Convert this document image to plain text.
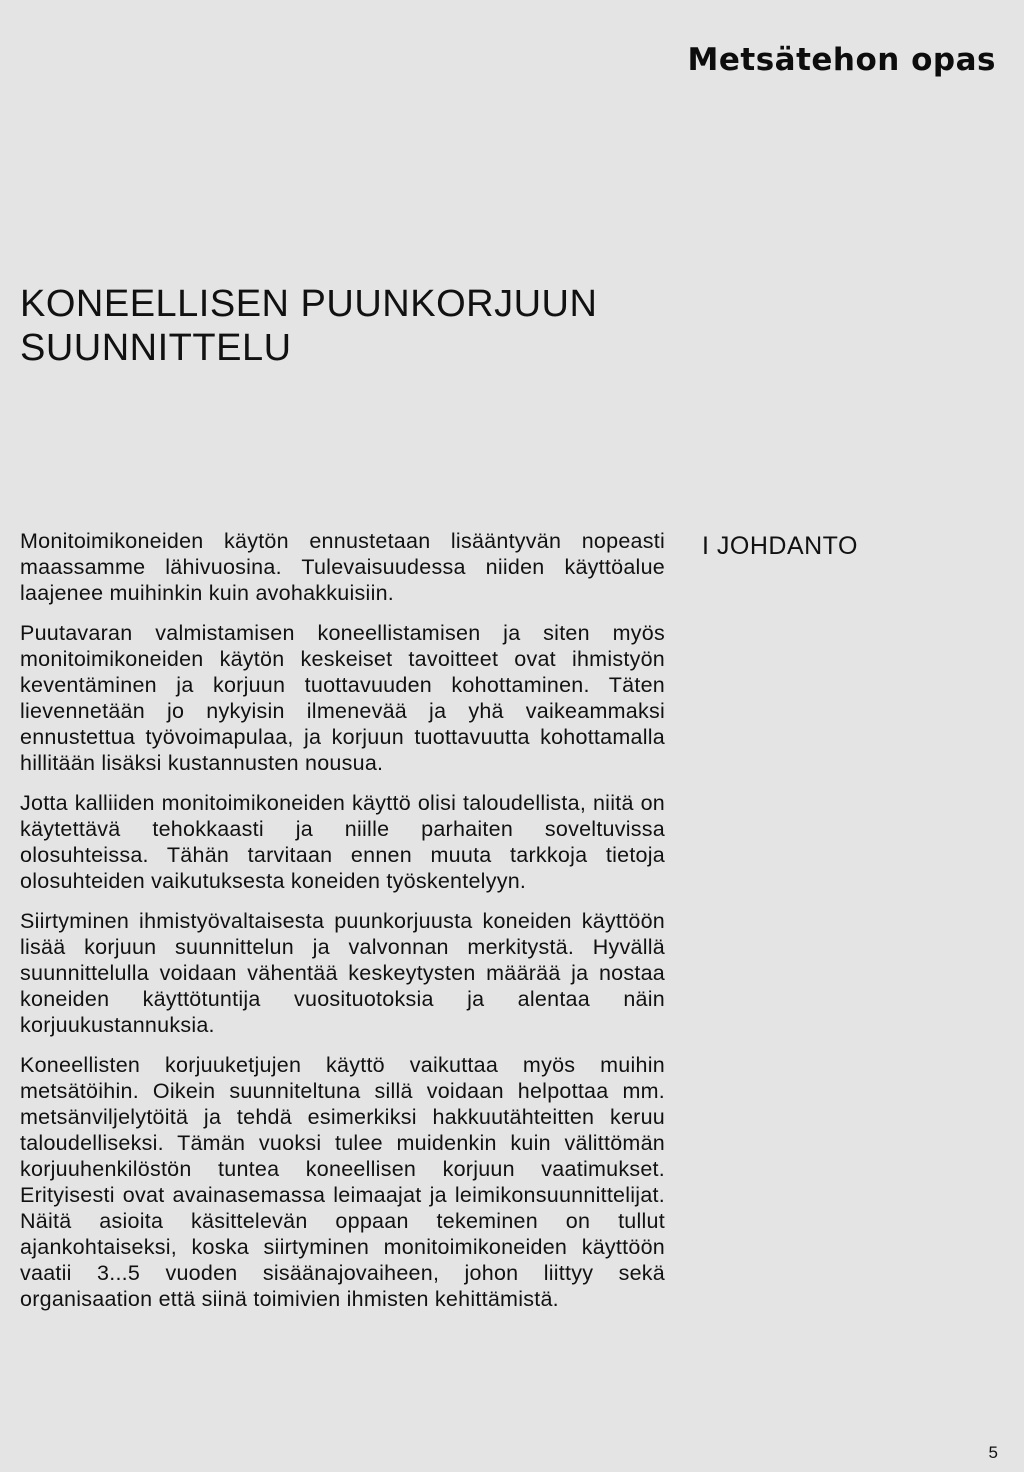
Metsätehon opas
KONEELLISEN PUUNKORJUUN
SUUNNITTELU

Monitoimikoneiden käytön ennustetaan lisääntyvän nopeasti maassamme lähivuosina. Tulevaisuudessa niiden käyttöalue laajenee muihinkin kuin avohakkuisiin.

Puutavaran valmistamisen koneellistamisen ja siten myös monitoimikoneiden käytön keskeiset tavoitteet ovat ihmistyön keventäminen ja korjuun tuottavuuden kohottaminen. Täten lievennetään jo nykyisin ilmenevää ja yhä vaikeammaksi ennustettua työvoimapulaa, ja korjuun tuottavuutta kohottamalla hillitään lisäksi kustannusten nousua.

Jotta kalliiden monitoimikoneiden käyttö olisi taloudellista, niitä on käytettävä tehokkaasti ja niille parhaiten soveltuvissa olosuhteissa. Tähän tarvitaan ennen muuta tarkkoja tietoja olosuhteiden vaikutuksesta koneiden työskentelyyn.

Siirtyminen ihmistyövaltaisesta puunkorjuusta koneiden käyttöön lisää korjuun suunnittelun ja valvonnan merkitystä. Hyvällä suunnittelulla voidaan vähentää keskeytysten määrää ja nostaa koneiden käyttötuntija vuosituotoksia ja alentaa näin korjuukustannuksia.

Koneellisten korjuuketjujen käyttö vaikuttaa myös muihin metsätöihin. Oikein suunniteltuna sillä voidaan helpottaa mm. metsänviljelytöitä ja tehdä esimerkiksi hakkuutähteitten keruu taloudelliseksi. Tämän vuoksi tulee muidenkin kuin välittömän korjuuhenkilöstön tuntea koneellisen korjuun vaatimukset. Erityisesti ovat avainasemassa leimaajat ja leimikonsuunnittelijat. Näitä asioita käsittelevän oppaan tekeminen on tullut ajankohtaiseksi, koska siirtyminen monitoimikoneiden käyttöön vaatii 3...5 vuoden sisäänajovaiheen, johon liittyy sekä organisaation että siinä toimivien ihmisten kehittämistä.

I JOHDANTO
5
